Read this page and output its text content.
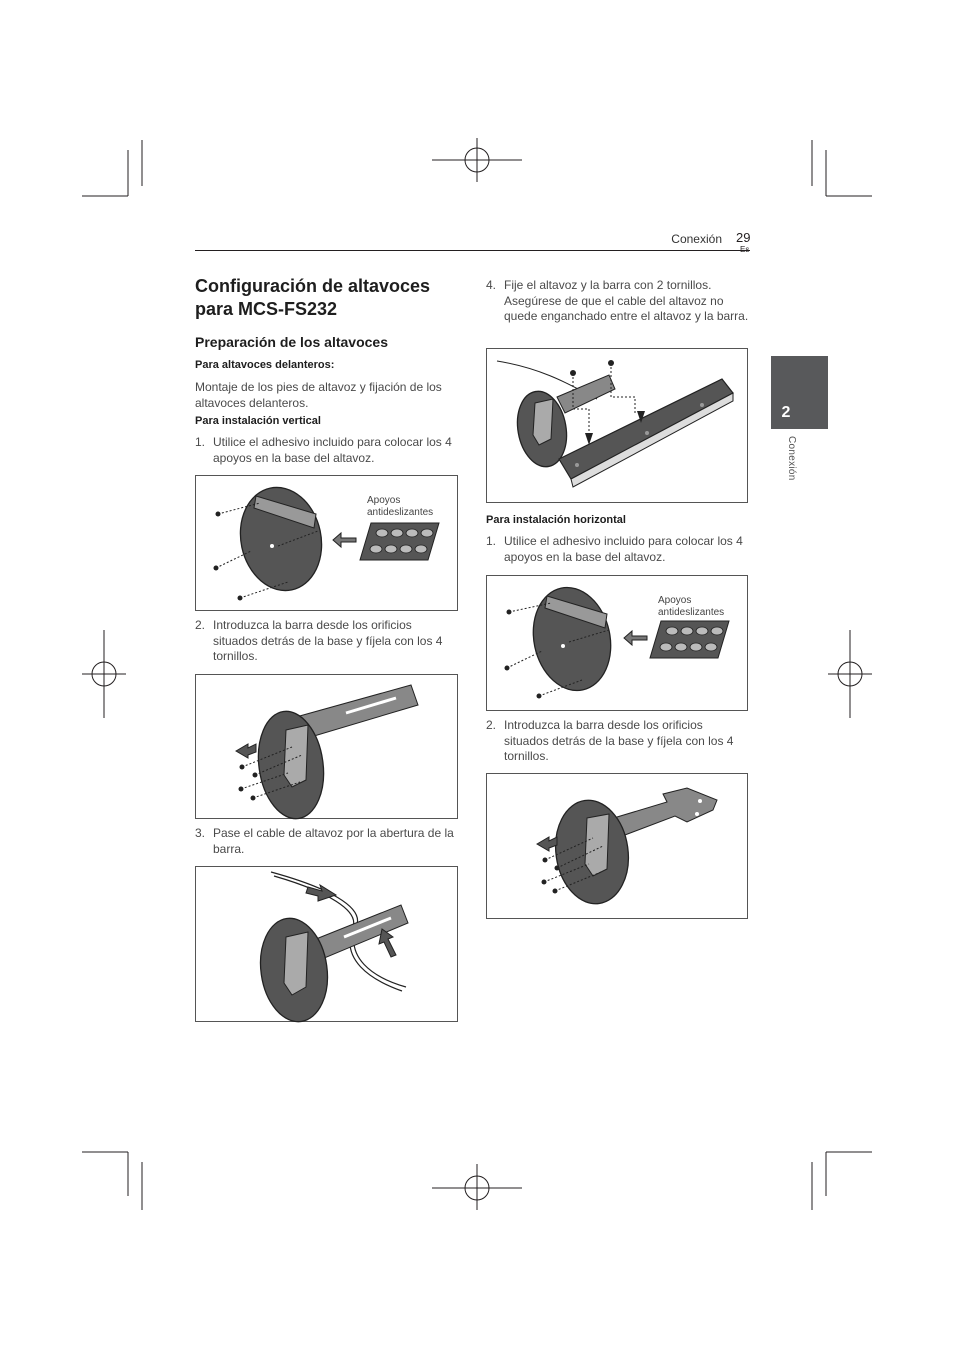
Conexión 29
2
Conexión
Configuración de altavoces para MCS-FS232
Preparación de los altavoces
Para altavoces delanteros:
Montaje de los pies de altavoz y fijación de los altavoces delanteros.
Para instalación vertical
1. Utilice el adhesivo incluido para colocar los 4 apoyos en la base del altavoz.
Apoyos
antideslizantes
2. Introduzca la barra desde los orificios situados detrás de la base y fíjela con los 4 tornillos.
3. Pase el cable de altavoz por la abertura de la barra.
4. Fije el altavoz y la barra con 2 tornillos. Asegúrese de que el cable del altavoz no quede enganchado entre el altavoz y la barra.
Para instalación horizontal
1. Utilice el adhesivo incluido para colocar los 4 apoyos en la base del altavoz.
Apoyos
antideslizantes
2. Introduzca la barra desde los orificios situados detrás de la base y fíjela con los 4 tornillos.
